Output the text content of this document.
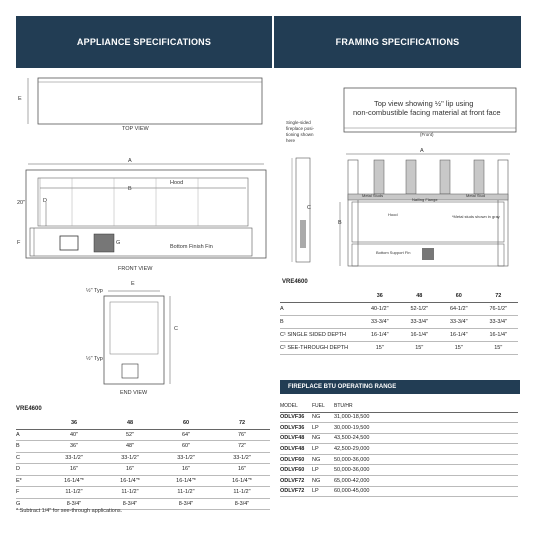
APPLIANCE SPECIFICATIONS	FRAMING SPECIFICATIONS
E
TOP VIEW
A
B
20"	D
F	G
Hood
Bottom Finish Fin
FRONT VIEW
E
½" Typ
½" Typ
C
END VIEW
Top view showing ½" lip using
non-combustible facing material at front face
(Front)
Single-sided
fireplace posi-
tioning shown
here
C
A
B
Metal Studs	Metal Stud
Nailing Flange
Hood	*Metal studs shown in gray
Bottom Support Fin
VRE4600
	36	48	60	72
A	40-1/2"	52-1/2"	64-1/2"	76-1/2"
B	33-3/4"	33-3/4"	33-3/4"	33-3/4"
C¹ SINGLE SIDED DEPTH	16-1/4"	16-1/4"	16-1/4"	16-1/4"
C¹ SEE-THROUGH DEPTH	15"	15"	15"	15"
FIREPLACE BTU OPERATING RANGE
MODEL	FUEL	BTU/HR
ODLVF36	NG	31,000-18,500
ODLVF36	LP	30,000-19,500
ODLVF48	NG	43,500-24,500
ODLVF48	LP	42,500-29,000
ODLVF60	NG	50,000-36,000
ODLVF60	LP	50,000-36,000
ODLVF72	NG	65,000-42,000
ODLVF72	LP	60,000-45,000
VRE4600
	36	48	60	72
A	40"	52"	64"	76"
B	36"	48"	60"	72"
C	33-1/2"	33-1/2"	33-1/2"	33-1/2"
D	16"	16"	16"	16"
E*	16-1/4"*	16-1/4"*	16-1/4"*	16-1/4"*
F	11-1/2"	11-1/2"	11-1/2"	11-1/2"
G	8-3/4"	8-3/4"	8-3/4"	8-3/4"
* Subtract 1/4" for see-through applications.
